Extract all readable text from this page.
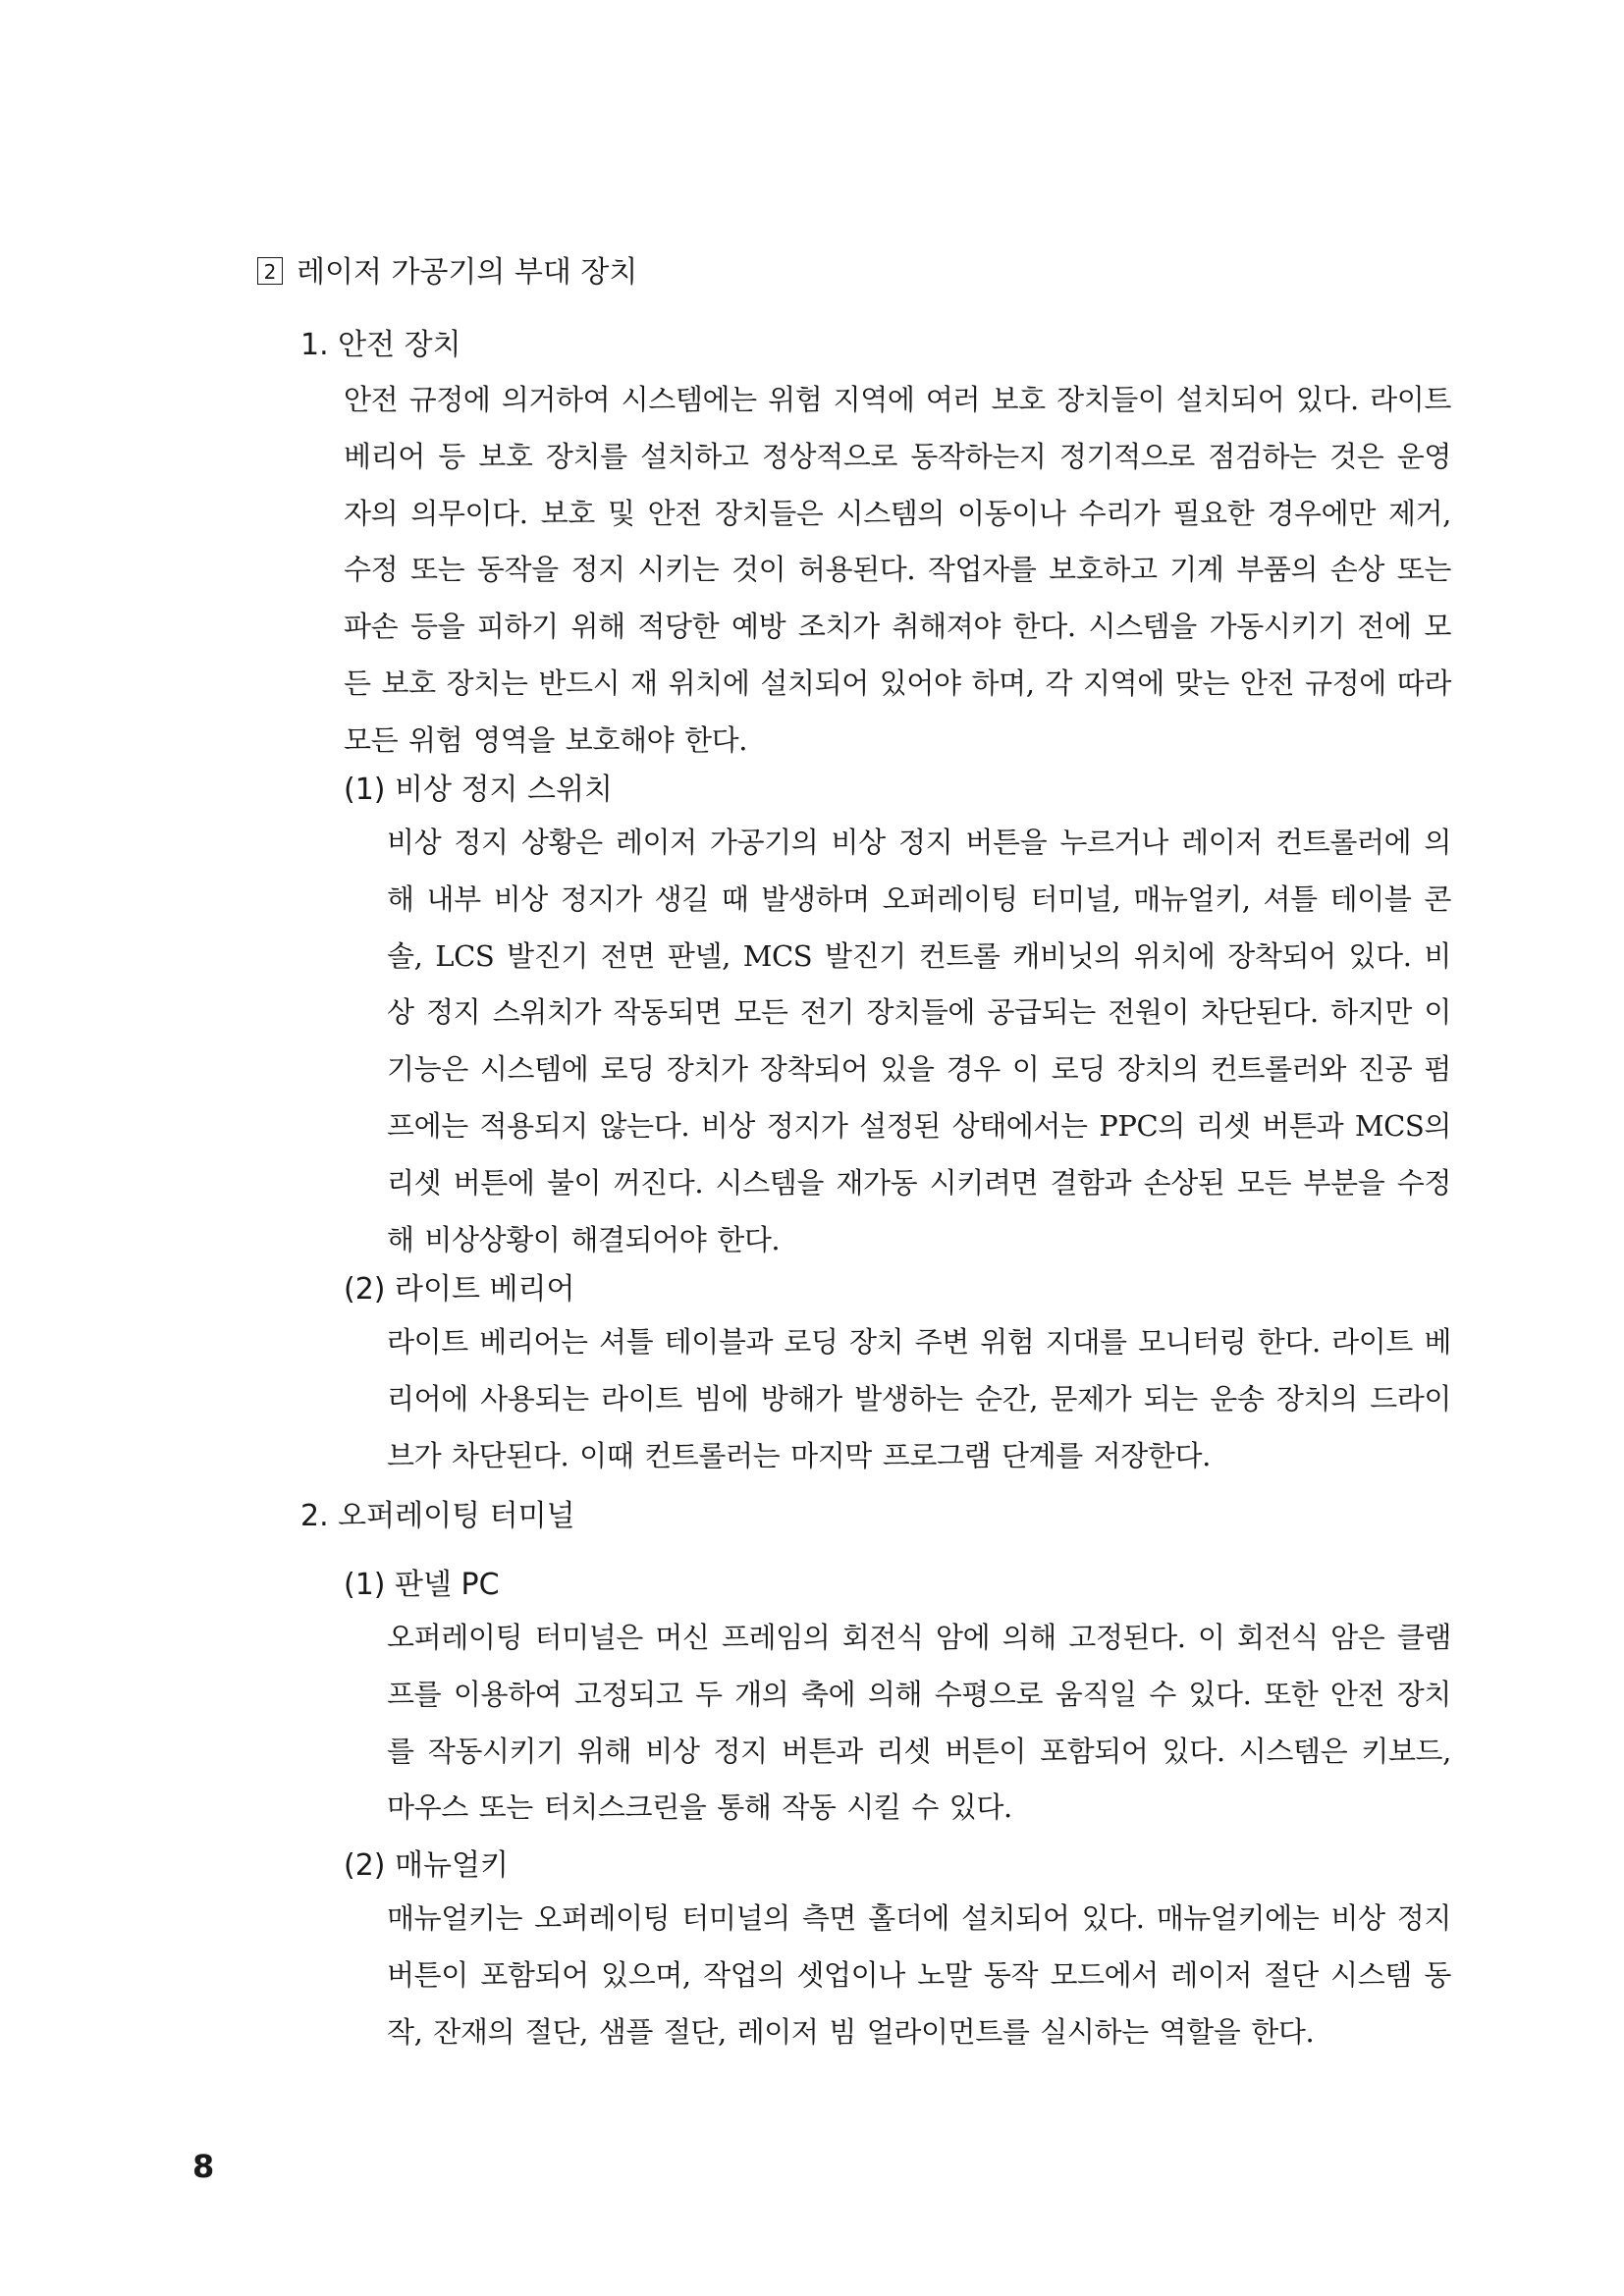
2 레이저 가공기의 부대 장치
1. 안전 장치
안전 규정에 의거하여 시스템에는 위험 지역에 여러 보호 장치들이 설치되어 있다. 라이트 베리어 등 보호 장치를 설치하고 정상적으로 동작하는지 정기적으로 점검하는 것은 운영자의 의무이다. 보호 및 안전 장치들은 시스템의 이동이나 수리가 필요한 경우에만 제거, 수정 또는 동작을 정지 시키는 것이 허용된다. 작업자를 보호하고 기계 부품의 손상 또는 파손 등을 피하기 위해 적당한 예방 조치가 취해져야 한다. 시스템을 가동시키기 전에 모든 보호 장치는 반드시 재 위치에 설치되어 있어야 하며, 각 지역에 맞는 안전 규정에 따라 모든 위험 영역을 보호해야 한다.
(1) 비상 정지 스위치
비상 정지 상황은 레이저 가공기의 비상 정지 버튼을 누르거나 레이저 컨트롤러에 의해 내부 비상 정지가 생길 때 발생하며 오퍼레이팅 터미널, 매뉴얼키, 셔틀 테이블 콘솔, LCS 발진기 전면 판넬, MCS 발진기 컨트롤 캐비닛의 위치에 장착되어 있다. 비상 정지 스위치가 작동되면 모든 전기 장치들에 공급되는 전원이 차단된다. 하지만 이 기능은 시스템에 로딩 장치가 장착되어 있을 경우 이 로딩 장치의 컨트롤러와 진공 펌프에는 적용되지 않는다. 비상 정지가 설정된 상태에서는 PPC의 리셋 버튼과 MCS의 리셋 버튼에 불이 꺼진다. 시스템을 재가동 시키려면 결함과 손상된 모든 부분을 수정해 비상상황이 해결되어야 한다.
(2) 라이트 베리어
라이트 베리어는 셔틀 테이블과 로딩 장치 주변 위험 지대를 모니터링 한다. 라이트 베리어에 사용되는 라이트 빔에 방해가 발생하는 순간, 문제가 되는 운송 장치의 드라이브가 차단된다. 이때 컨트롤러는 마지막 프로그램 단계를 저장한다.
2. 오퍼레이팅 터미널
(1) 판넬 PC
오퍼레이팅 터미널은 머신 프레임의 회전식 암에 의해 고정된다. 이 회전식 암은 클램프를 이용하여 고정되고 두 개의 축에 의해 수평으로 움직일 수 있다. 또한 안전 장치를 작동시키기 위해 비상 정지 버튼과 리셋 버튼이 포함되어 있다. 시스템은 키보드, 마우스 또는 터치스크린을 통해 작동 시킬 수 있다.
(2) 매뉴얼키
매뉴얼키는 오퍼레이팅 터미널의 측면 홀더에 설치되어 있다. 매뉴얼키에는 비상 정지버튼이 포함되어 있으며, 작업의 셋업이나 노말 동작 모드에서 레이저 절단 시스템 동작, 잔재의 절단, 샘플 절단, 레이저 빔 얼라이먼트를 실시하는 역할을 한다.
8
